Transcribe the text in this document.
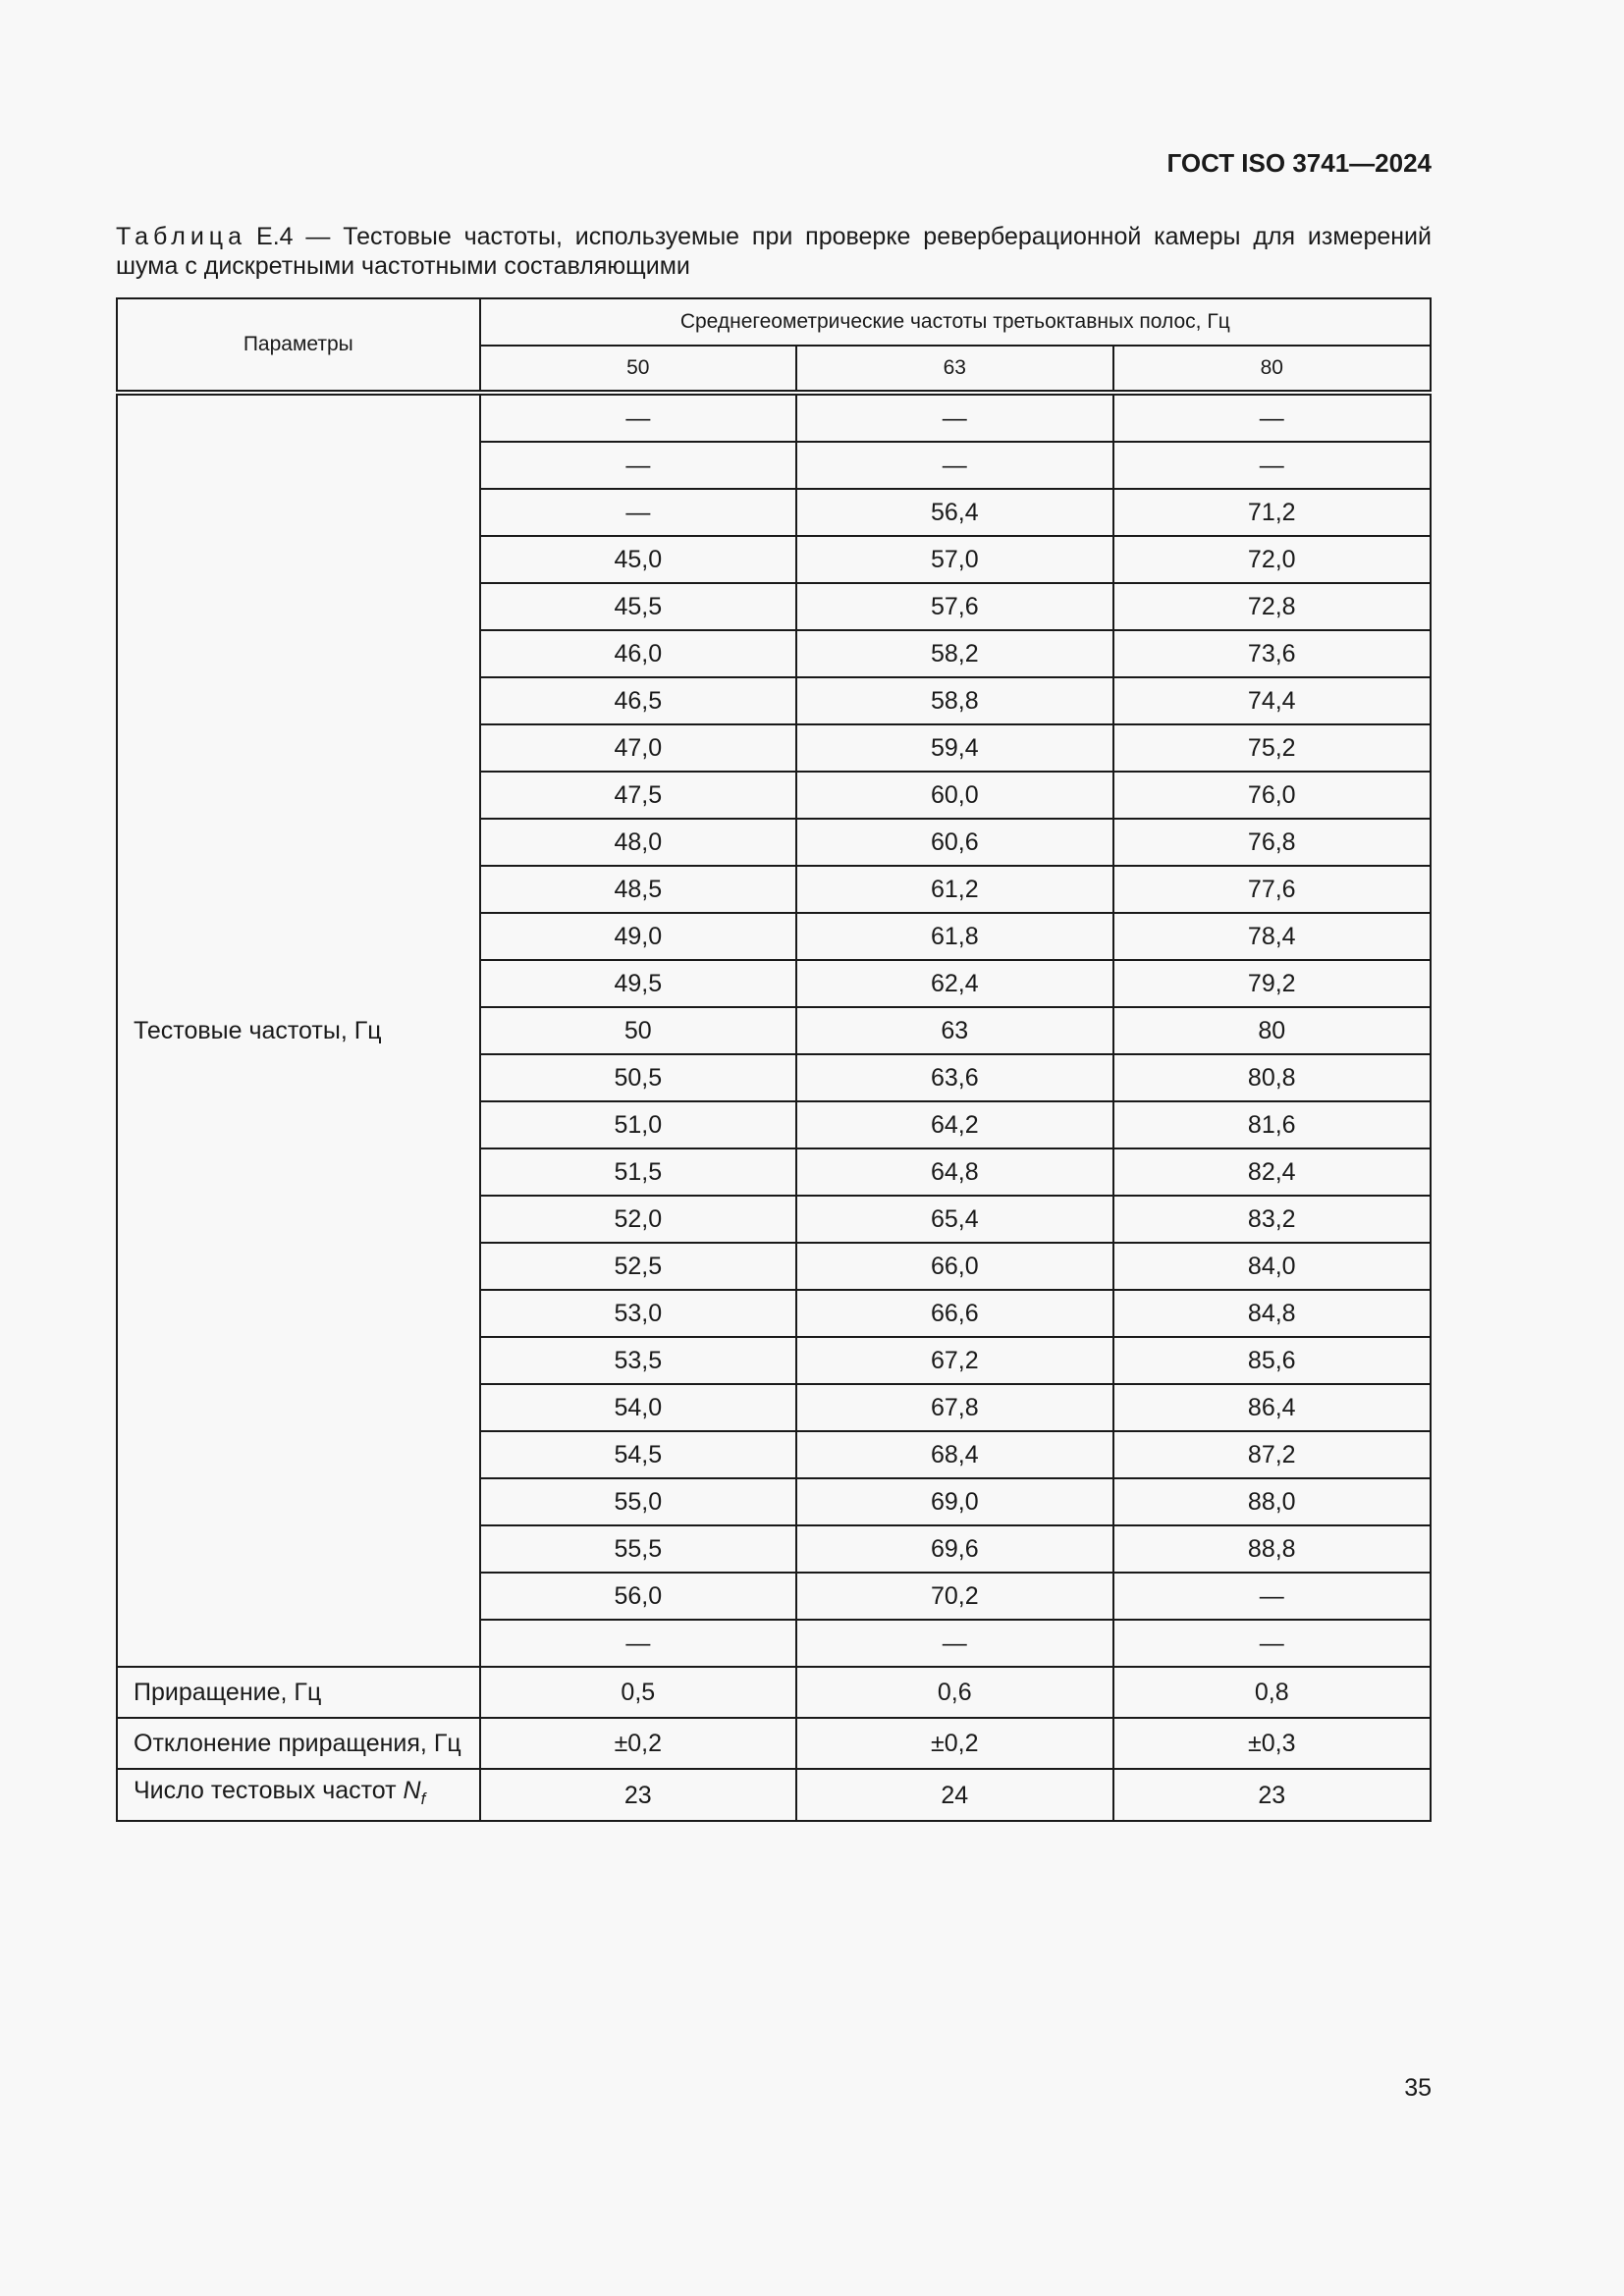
ГОСТ ISO 3741—2024
Таблица Е.4 — Тестовые частоты, используемые при проверке реверберационной камеры для измерений шума с дискретными частотными составляющими
Параметры	Среднегеометрические частоты третьоктавных полос, Гц		
	50	63	80
Тестовые частоты, Гц	—	—	—
	—	—	—
	—	56,4	71,2
	45,0	57,0	72,0
	45,5	57,6	72,8
	46,0	58,2	73,6
	46,5	58,8	74,4
	47,0	59,4	75,2
	47,5	60,0	76,0
	48,0	60,6	76,8
	48,5	61,2	77,6
	49,0	61,8	78,4
	49,5	62,4	79,2
	50	63	80
	50,5	63,6	80,8
	51,0	64,2	81,6
	51,5	64,8	82,4
	52,0	65,4	83,2
	52,5	66,0	84,0
	53,0	66,6	84,8
	53,5	67,2	85,6
	54,0	67,8	86,4
	54,5	68,4	87,2
	55,0	69,0	88,0
	55,5	69,6	88,8
	56,0	70,2	—
	—	—	—
Приращение, Гц	0,5	0,6	0,8
Отклонение приращения, Гц	±0,2	±0,2	±0,3
Число тестовых частот $N_f$	23	24	23
35
